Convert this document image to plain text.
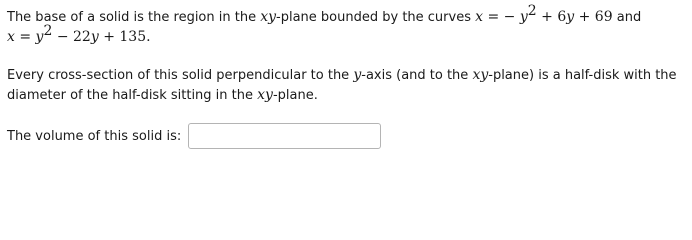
The base of a solid is the region in the xy-plane bounded by the curves x = − $y^2 + 6y + 69$ and
$x = y^2 - 22y + 135$.
Every cross-section of this solid perpendicular to the y-axis (and to the xy-plane) is a half-disk with the
diameter of the half-disk sitting in the xy-plane.
The volume of this solid is:
